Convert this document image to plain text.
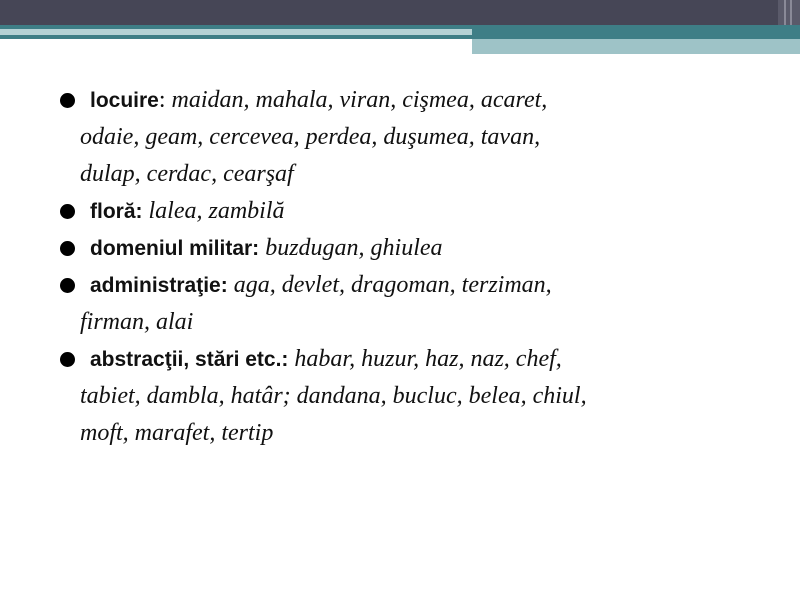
locuire: maidan, mahala, viran, cişmea, acaret,
odaie, geam, cercevea, perdea, duşumea, tavan,
dulap, cerdac, cearşaf
floră: lalea, zambilă
domeniul militar: buzdugan, ghiulea
administraţie: aga, devlet, dragoman, terziman,
firman, alai
abstracţii, stări etc.: habar, huzur, haz, naz, chef,
tabiet, dambla, hatâr; dandana, bucluc, belea, chiul,
moft, marafet, tertip
